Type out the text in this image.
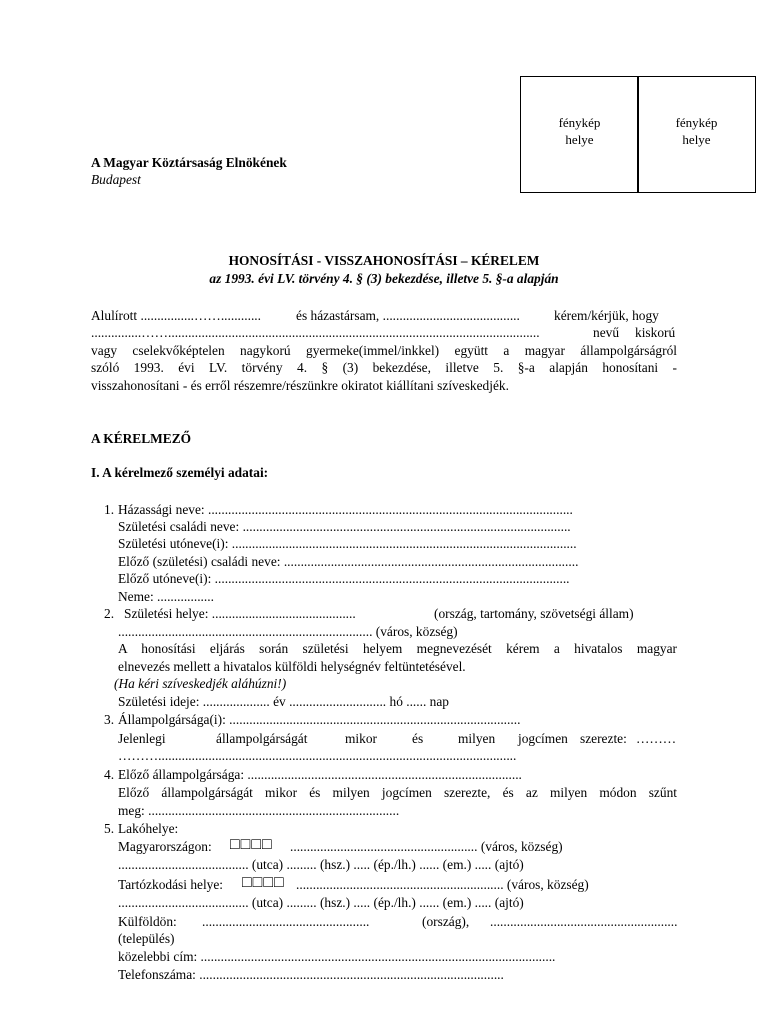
fénykép
helye
fénykép
helye
A Magyar Köztársaság Elnökének
Budapest
HONOSÍTÁSI - VISSZAHONOSÍTÁSI – KÉRELEM
az 1993. évi LV. törvény 4. § (3) bekezdése, illetve 5. §-a alapján
Alulírott ................……............	és házastársam, .........................................	kérem/kérjük, hogy
...............……...............................................................................................................	nevű kiskorú
vagy cselekvőképtelen nagykorú gyermeke(immel/inkkel) együtt a magyar állampolgárságról
szóló 1993. évi LV. törvény 4. § (3) bekezdése, illetve 5. §-a alapján honosítani -
visszahonosítani - és erről részemre/részünkre okiratot kiállítani szíveskedjék.
A KÉRELMEZŐ
I. A kérelmező személyi adatai:
1. Házassági neve: .............................................................................................................
Születési családi neve: ..................................................................................................
Születési utóneve(i): .......................................................................................................
Előző (születési) családi neve: ........................................................................................
Előző utóneve(i): ..........................................................................................................
Neme: .................
2. Születési helye: ...........................................	(ország, tartomány, szövetségi állam)
............................................................................ (város, község)
A honosítási eljárás során születési helyem megnevezését kérem a hivatalos magyar
elnevezés mellett a hivatalos külföldi helységnév feltüntetésével.
(Ha kéri szíveskedjék aláhúzni!)
Születési ideje: .................... év ............................. hó ...... nap
3. Állampolgársága(i): .......................................................................................
Jelenlegi	állampolgárságát	mikor	és	milyen jogcímen szerezte: ………
………...........................................................................................................
4. Előző állampolgársága: ..................................................................................
Előző állampolgárságát mikor és milyen jogcímen szerezte, és az milyen módon szűnt
meg: ...........................................................................
5. Lakóhelye:
Magyarországon: □□□□ ........................................................ (város, község)
....................................... (utca) ......... (hsz.) ..... (ép./lh.) ...... (em.) ..... (ajtó)
Tartózkodási helye: □□□□ .............................................................. (város, község)
....................................... (utca) ......... (hsz.) ..... (ép./lh.) ...... (em.) ..... (ajtó)
Külföldön: ..................................................	(ország), ........................................................
(település)
közelebbi cím: ..........................................................................................................
Telefonszáma: ...........................................................................................
